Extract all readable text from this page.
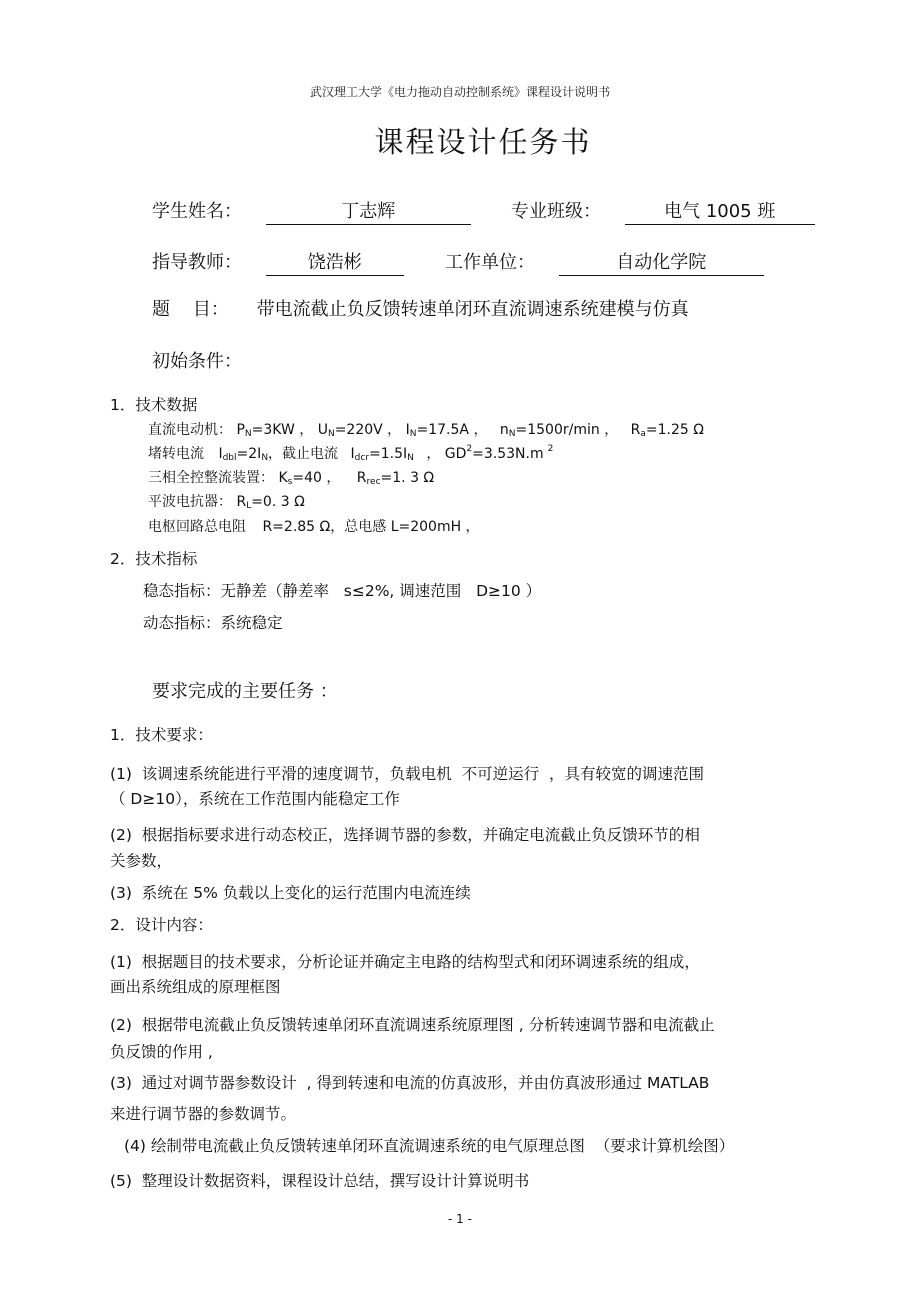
武汉理工大学《电力拖动自动控制系统》课程设计说明书
课程设计任务书
学生姓名：	丁志辉	专业班级：	电气 1005 班
指导教师：	饶浩彬	工作单位：	自动化学院
题    目： 带电流截止负反馈转速单闭环直流调速系统建模与仿真
初始条件：
1．技术数据
直流电动机： $P_N=3KW$ ， $U_N=220V$ ， $I_N=17.5A$ ， $n_N=1500r/\min$ ， $R_a=1.25$ Ω
堵转电流 $I_{dbl}=2I_N$，截止电流 $I_{dcr}=1.5I_N$ ， $GD^2=3.53N.m$ $^2$
三相全控整流装置： $K_s=40$ ， $R_{rec}=1$. 3 Ω
平波电抗器： $R_L=0$. 3 Ω
电枢回路总电阻 R=2.85 Ω，总电感 L=200mH ，
2．技术指标
稳态指标：无静差（静差率   s≤2%, 调速范围   D≥10 ）
动态指标：系统稳定
要求完成的主要任务 ：
1．技术要求：
(1)  该调速系统能进行平滑的速度调节，负载电机  不可逆运行  ，具有较宽的调速范围
（ D≥10），系统在工作范围内能稳定工作
(2)  根据指标要求进行动态校正，选择调节器的参数，并确定电流截止负反馈环节的相
关参数，
(3)  系统在 5% 负载以上变化的运行范围内电流连续
2．设计内容：
(1)  根据题目的技术要求，分析论证并确定主电路的结构型式和闭环调速系统的组成，
画出系统组成的原理框图
(2)  根据带电流截止负反馈转速单闭环直流调速系统原理图 , 分析转速调节器和电流截止
负反馈的作用 ,
(3)  通过对调节器参数设计  , 得到转速和电流的仿真波形，并由仿真波形通过 MATLAB
来进行调节器的参数调节。
(4) 绘制带电流截止负反馈转速单闭环直流调速系统的电气原理总图  （要求计算机绘图）
(5)  整理设计数据资料，课程设计总结，撰写设计计算说明书
- 1 -
